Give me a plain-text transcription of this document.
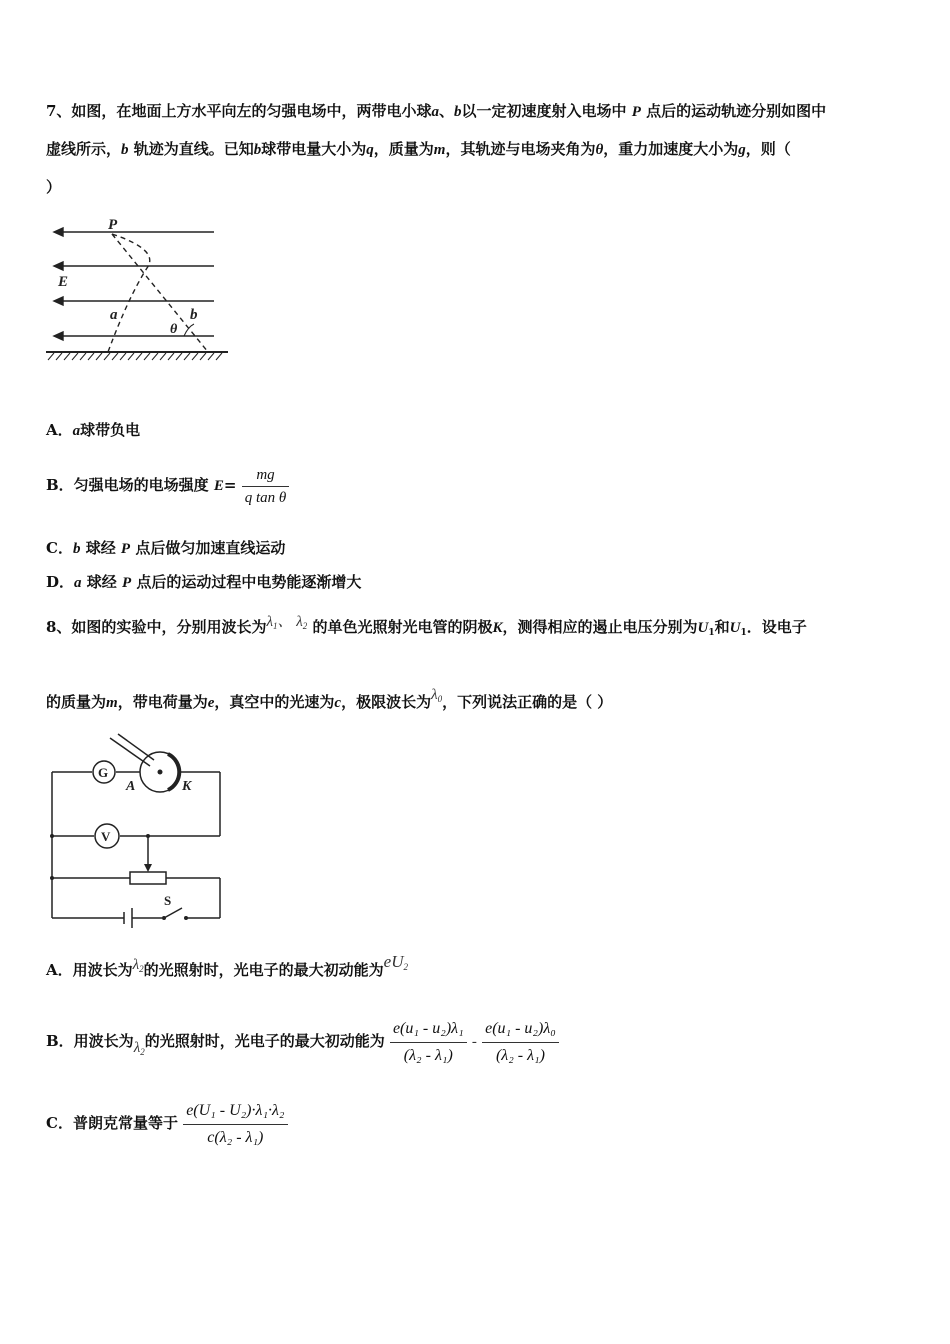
7、如图，在地面上方水平向左的匀强电场中，两带电小球a、b以一定初速度射入电场中 P 点后的运动轨迹分别如图中
虚线所示，b 轨迹为直线。已知b球带电量大小为q，质量为m，其轨迹与电场夹角为θ，重力加速度大小为g，则（
）
P
E
a	b
θ
A．a球带负电
B．匀强电场的电场强度 $E= \frac{mg}{\text{q tan θ}}$
C．b 球经 P 点后做匀加速直线运动
D．a 球经 P 点后的运动过程中电势能逐渐增大
8、如图的实验中，分别用波长为$\lambda_1$、 $\lambda_2$ 的单色光照射光电管的阴极K，测得相应的遏止电压分别为$U_1$和$U_1$．设电子
的质量为m，带电荷量为e，真空中的光速为c，极限波长为$\lambda_0$，下列说法正确的是（ ）
G
V
A	K
S
A．用波长为$\lambda_2$的光照射时，光电子的最大初动能为$eU_2$
B．用波长为$\lambda_2$的光照射时，光电子的最大初动能为 $\frac{\text{e(u₁ - u₂)λ₁}}{\text{(λ₂ - λ₁)}} - \frac{\text{e(u₁ - u₂)λ₀}}{\text{(λ₂ - λ₁)}}$
C．普朗克常量等于 $\frac{\text{e(U₁ - U₂)·λ₁·λ₂}}{\text{c(λ₂ - λ₁)}}$
